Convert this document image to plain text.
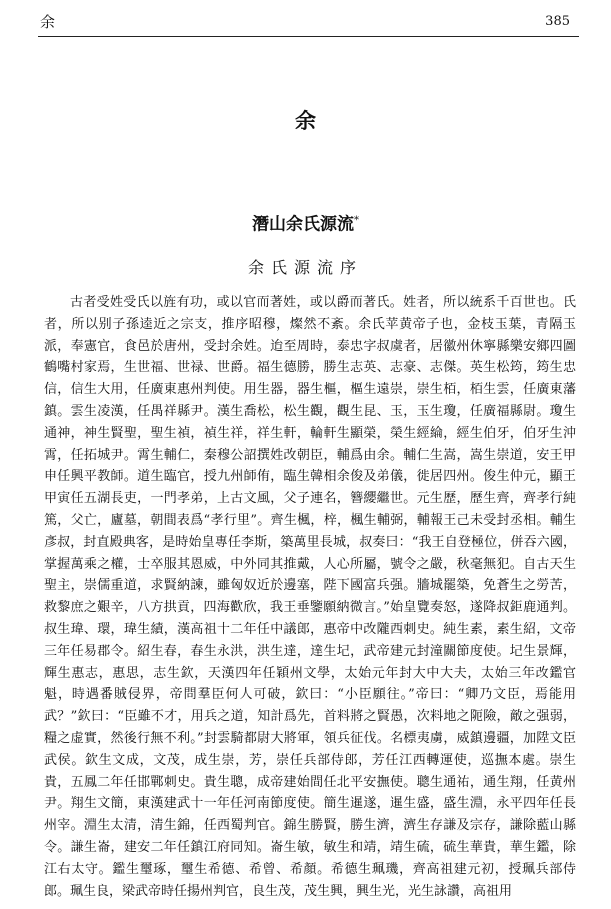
余	385
余
潛山余氏源流*
余氏源流序

古者受姓受氏以旌有功，或以官而著姓，或以爵而著氏。姓者，所以統系千百世也。氏者，所以别子孫逵近之宗支，推序昭穆，燦然不紊。余氏苹黄帝子也，金枝玉葉，青隔玉派，奉憲官，食邑於唐州，受封余姓。迨至周時，泰忠字叔虞者，居徽州休寧縣樂安鄉四圖鶴嘴村家焉，生世福、世禄、世爵。福生德勝，勝生志英、志豪、志傑。英生松筠，筠生忠信，信生大用，任廣東惠州判使。用生器，器生樞，樞生遠崇，崇生栢，栢生雲，任廣東藩鎮。雲生凌漢，任禺祥縣尹。漢生喬松，松生觀，觀生昆、玉，玉生瓊，任廣福縣尉。瓊生通神，神生賢聖，聖生禎，禎生祥，祥生軒，輪軒生顯榮，榮生經綸，經生伯牙，伯牙生沖霄，任拓城尹。霄生輔仁，秦穆公詔撰姓改朝臣，輔爲由余。輔仁生嵩，嵩生崇道，安王甲申任興平教師。道生臨官，授九州師侑，臨生韓相余俊及弟儀，徙居四州。俊生仲元，顯王甲寅任五湖長吏，一門孝弟，上古文風，父子連名，簪纓繼世。元生歷，歷生齊，齊孝行純篤，父亡，廬墓，朝間表爲“孝行里”。齊生楓，梓，楓生輔弼，輔報王己未受封丞相。輔生彥叔，封直殿典客，是時始皇專任李斯，築萬里長城，叔奏曰：“我王自登極位，併吞六國，掌握萬乘之權，士卒服其恩威，中外同其推戴，人心所屬，號令之嚴，秋毫無犯。自古天生聖主，崇儒重道，求賢納諫，雖匈奴近於邊塞，陛下國富兵强。牆城罷築，免蒼生之勞苦，救黎庶之艱辛，八方拱貢，四海歡欣，我王垂鑒願納微言。”始皇覽奏怒，遂降叔鉅鹿通判。叔生瑋、環，瑋生績，漢高祖十二年任中議郎，惠帝中改隴西刺史。純生素，素生紹，文帝三年任易郡令。紹生春，春生永洪，洪生達，達生圮，武帝建元封潼關節度使。圮生景輝，輝生惠志，惠思，志生欽，天漢四年任穎州文學，太始元年封大中大夫，太始三年改鑑官魁，時遇番賊侵界，帝問羣臣何人可破，欽曰：“小臣願往。”帝曰：“卿乃文臣，焉能用武？”欽曰：“臣雖不才，用兵之道，知計爲先，首料將之賢愚，次料地之阨險，敵之强弱，糧之虚實，然後行無不利。”封雲騎都尉大將軍，領兵征伐。名標夷虜，威鎮邊疆，加陞文臣武侯。欽生文成，文茂，成生崇，芳，崇任兵部侍郎，芳任江西轉運使，巡撫本處。崇生貴，五鳳二年任邯鄲刺史。貴生聰，成帝建始間任北平安撫使。聰生通祐，通生翔，任黄州尹。翔生文簡，東漢建武十一年任河南節度使。簡生暹遂，暹生盛，盛生淵，永平四年任長州宰。淵生太清，清生錦，任西蜀判官。錦生勝賢，勝生濟，濟生存謙及宗存，謙除藍山縣令。謙生崙，建安二年任鎮江府同知。崙生敏，敏生和靖，靖生硫，硫生華貴，華生鑑，除江右太守。鑑生璽琢，璽生希德、希曾、希顏。希德生珮璣，齊高祖建元初，授珮兵部侍郎。珮生良，梁武帝時任揚州判官，良生茂，茂生興，興生光，光生詠讚，高祖用
